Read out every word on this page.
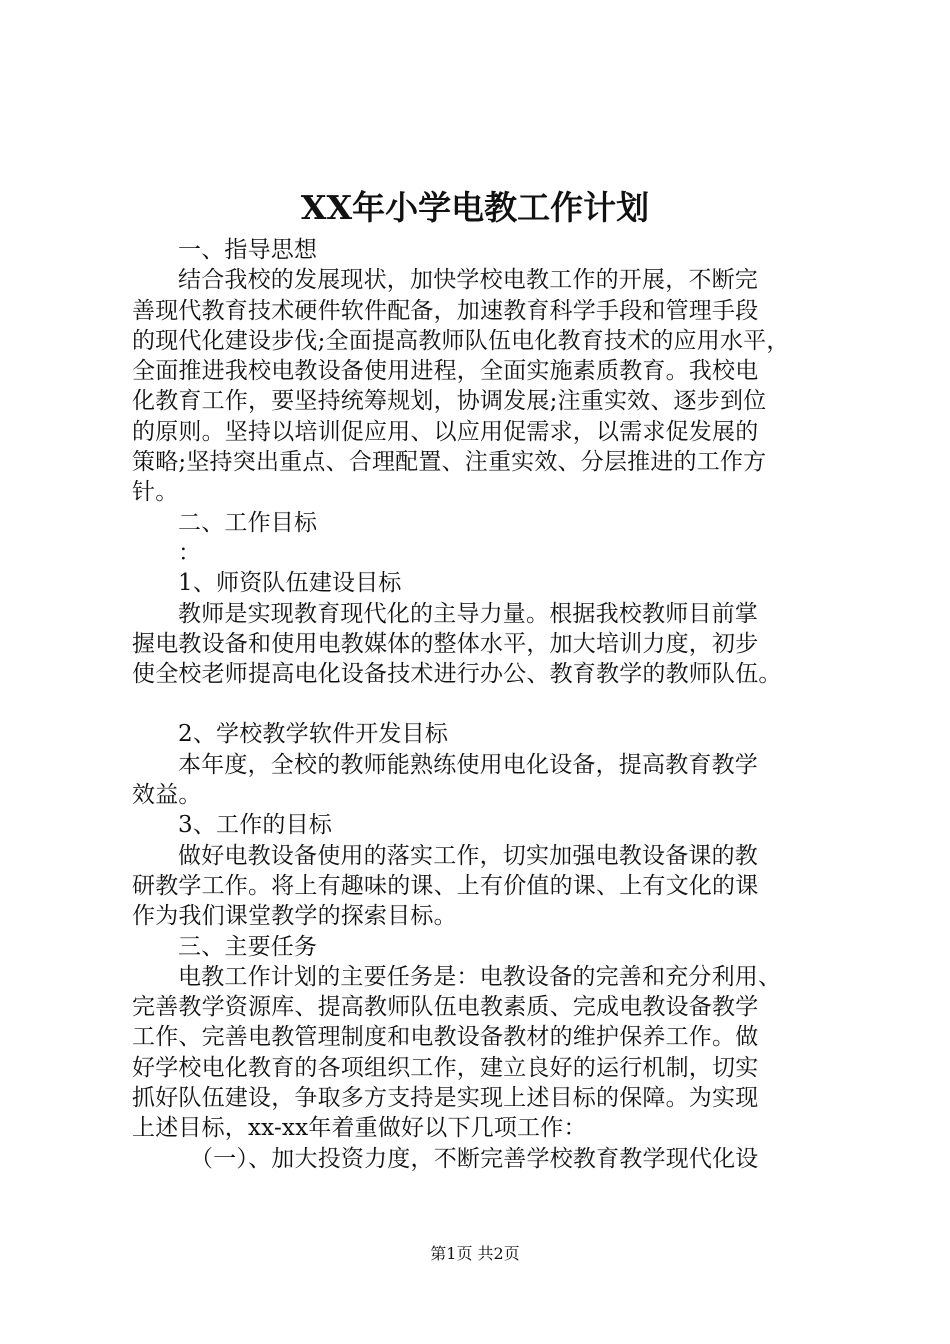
XX年小学电教工作计划
一、指导思想
结合我校的发展现状，加快学校电教工作的开展，不断完
善现代教育技术硬件软件配备，加速教育科学手段和管理手段
的现代化建设步伐;全面提高教师队伍电化教育技术的应用水平，
全面推进我校电教设备使用进程，全面实施素质教育。我校电
化教育工作，要坚持统筹规划，协调发展;注重实效、逐步到位
的原则。坚持以培训促应用、以应用促需求，以需求促发展的
策略;坚持突出重点、合理配置、注重实效、分层推进的工作方
针。
二、工作目标
：
1、师资队伍建设目标
教师是实现教育现代化的主导力量。根据我校教师目前掌
握电教设备和使用电教媒体的整体水平，加大培训力度，初步
使全校老师提高电化设备技术进行办公、教育教学的教师队伍。
2、学校教学软件开发目标
本年度，全校的教师能熟练使用电化设备，提高教育教学
效益。
3、工作的目标
做好电教设备使用的落实工作，切实加强电教设备课的教
研教学工作。将上有趣味的课、上有价值的课、上有文化的课
作为我们课堂教学的探索目标。
三、主要任务
电教工作计划的主要任务是：电教设备的完善和充分利用、
完善教学资源库、提高教师队伍电教素质、完成电教设备教学
工作、完善电教管理制度和电教设备教材的维护保养工作。做
好学校电化教育的各项组织工作，建立良好的运行机制，切实
抓好队伍建设，争取多方支持是实现上述目标的保障。为实现
上述目标，xx-xx年着重做好以下几项工作：
（一）、加大投资力度，不断完善学校教育教学现代化设
第1页 共2页
